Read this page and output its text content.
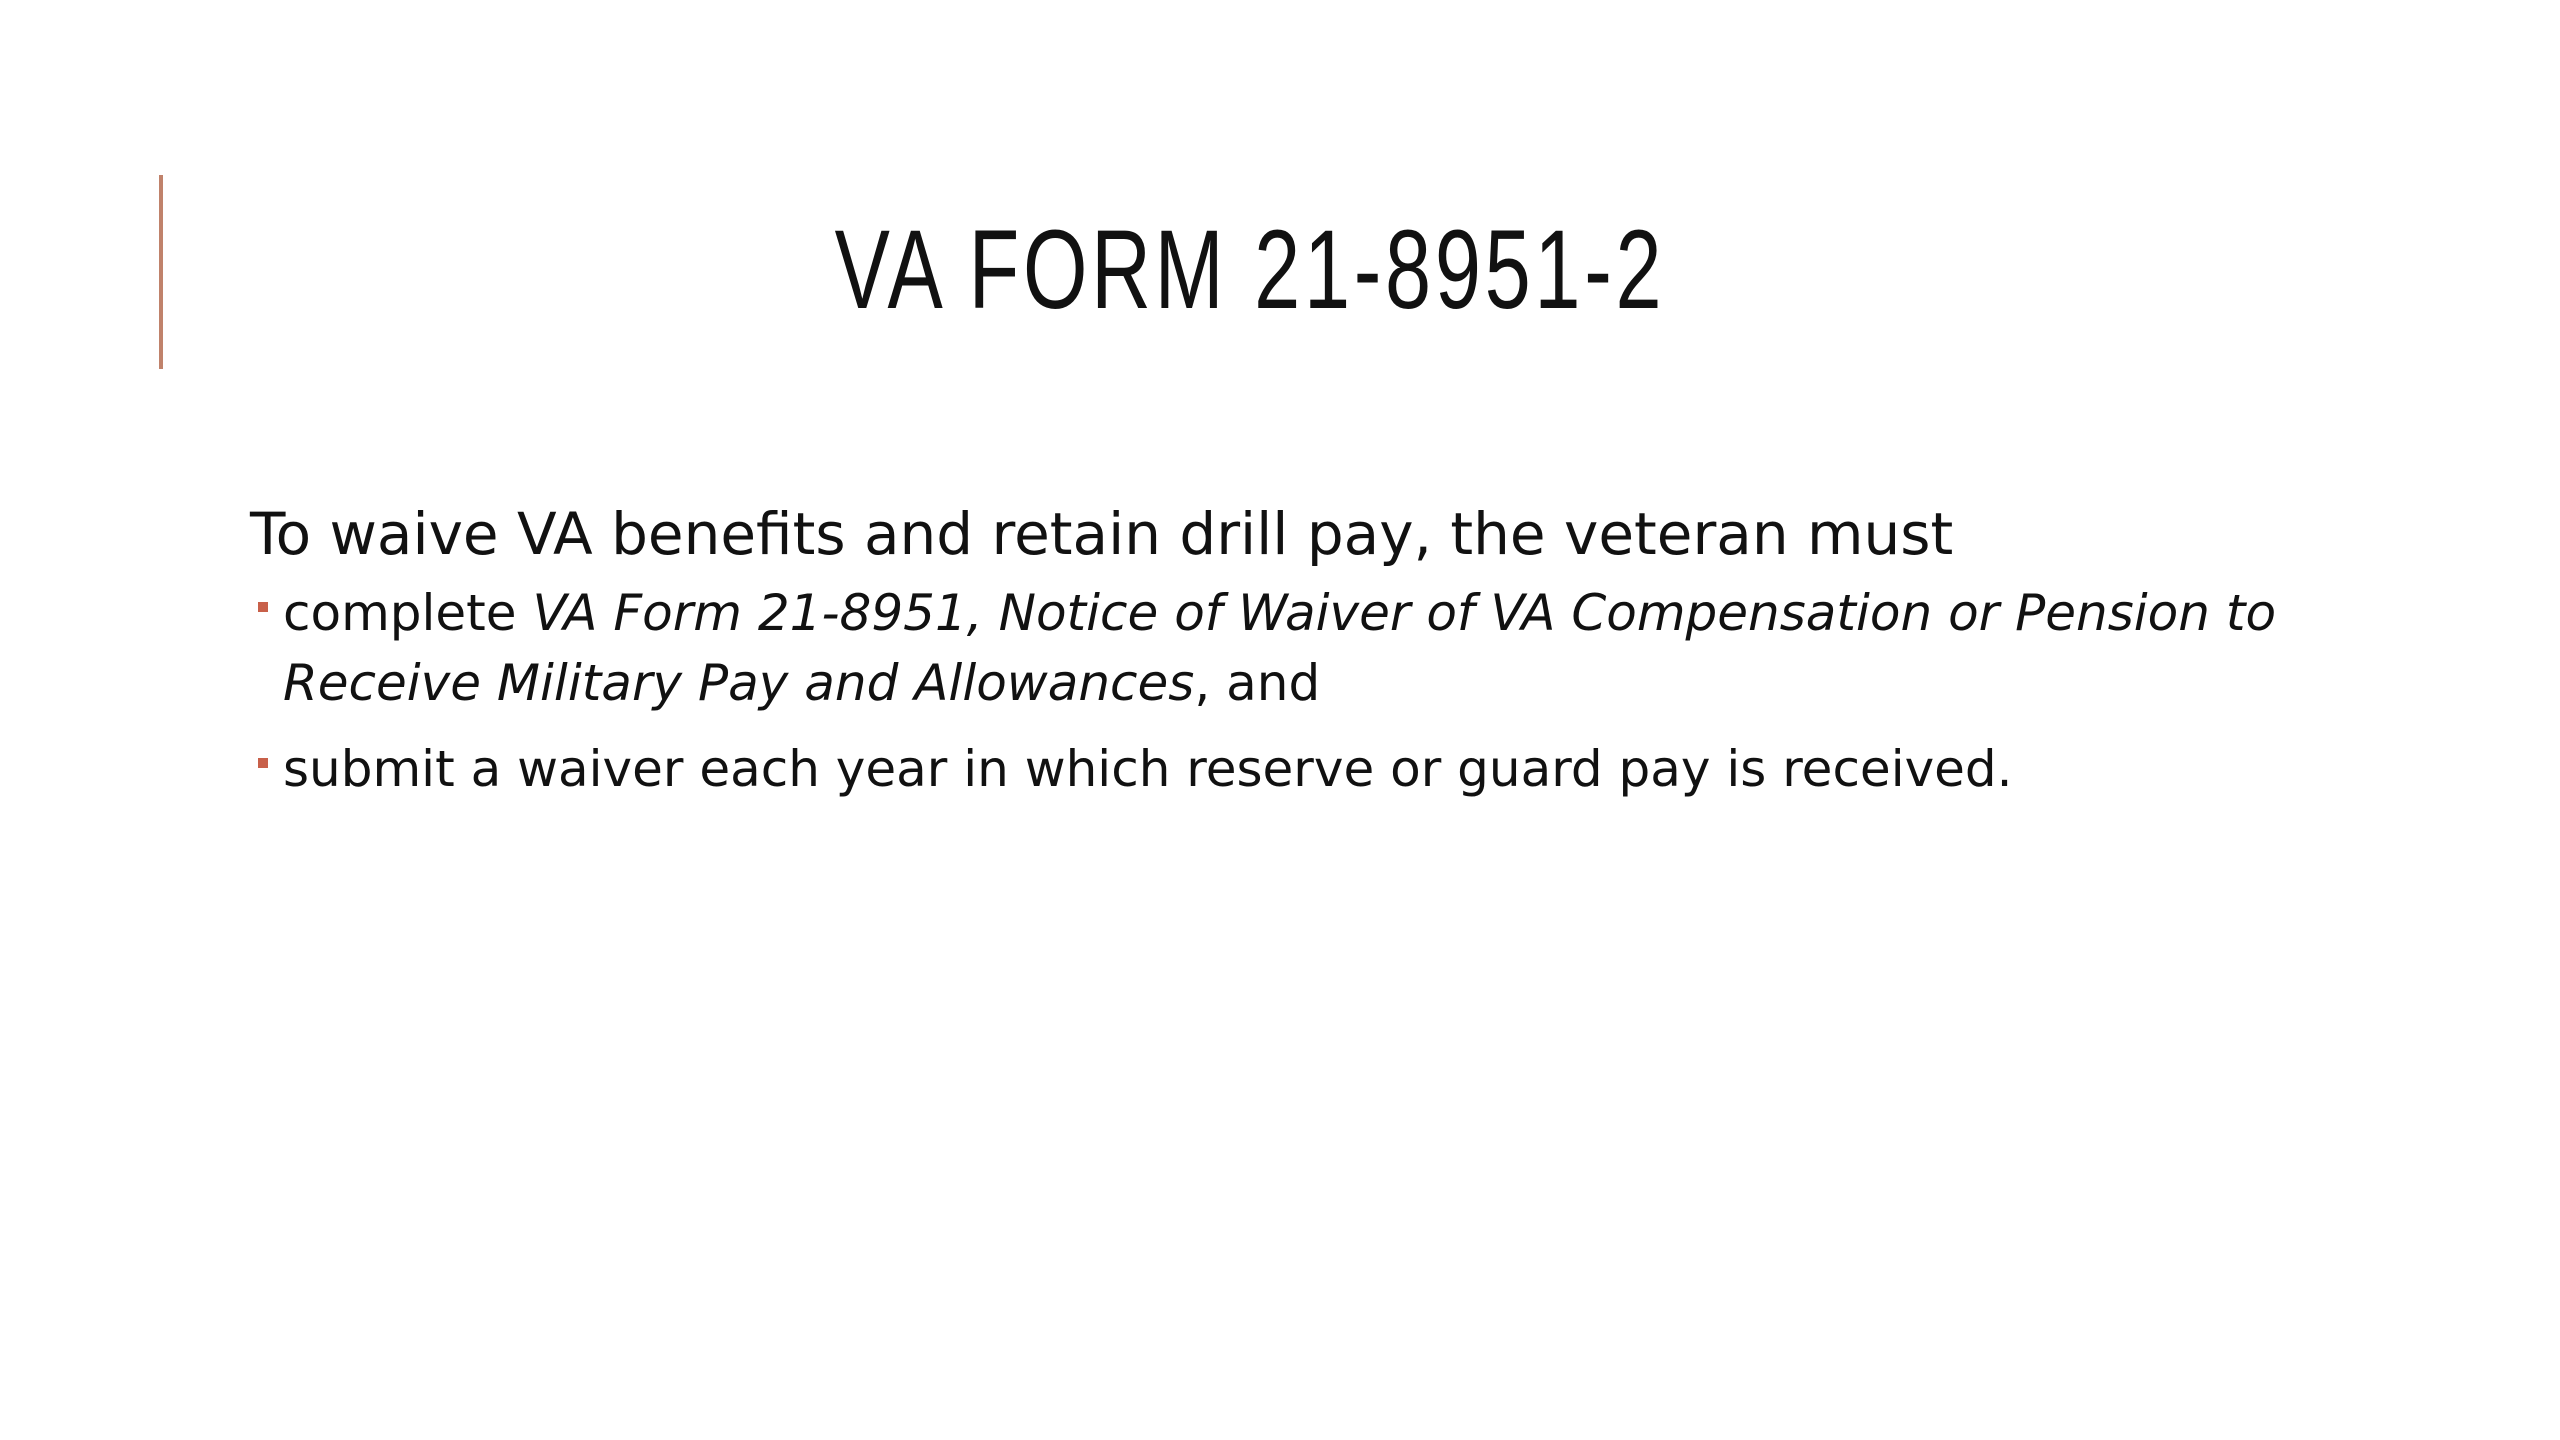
VA FORM 21-8951-2

To waive VA benefits and retain drill pay, the veteran must

complete VA Form 21-8951, Notice of Waiver of VA Compensation or Pension to Receive Military Pay and Allowances, and
submit a waiver each year in which reserve or guard pay is received.
